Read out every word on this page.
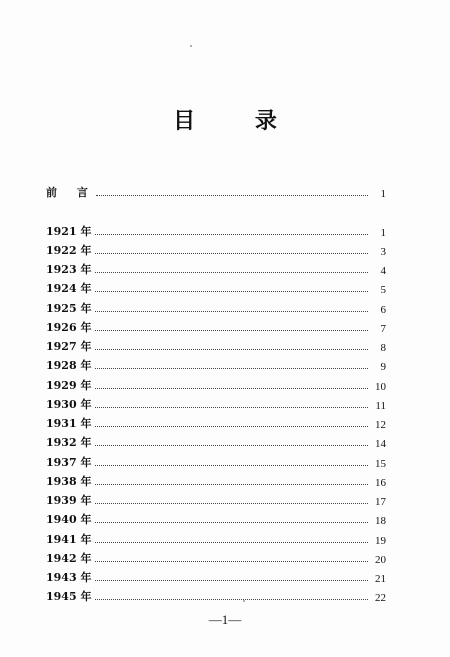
目 录
前 言	1
1921 年	1
1922 年	3
1923 年	4
1924 年	5
1925 年	6
1926 年	7
1927 年	8
1928 年	9
1929 年	10
1930 年	11
1931 年	12
1932 年	14
1937 年	15
1938 年	16
1939 年	17
1940 年	18
1941 年	19
1942 年	20
1943 年	21
1945 年	22
—1—
